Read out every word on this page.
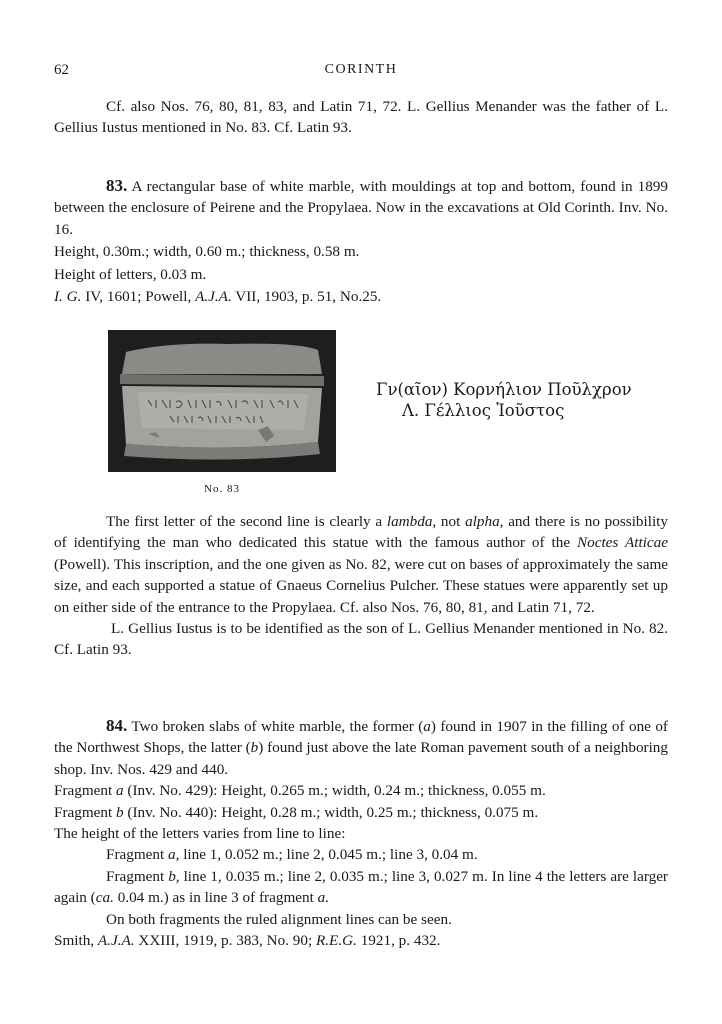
62	CORINTH

Cf. also Nos. 76, 80, 81, 83, and Latin 71, 72. L. Gellius Menander was the father of L. Gellius Iustus mentioned in No. 83. Cf. Latin 93.

83. A rectangular base of white marble, with mouldings at top and bottom, found in 1899 between the enclosure of Peirene and the Propylaea. Now in the excavations at Old Corinth. Inv. No. 16.

Height, 0.30m.; width, 0.60 m.; thickness, 0.58 m.

Height of letters, 0.03 m.

I. G. IV, 1601; Powell, A.J.A. VII, 1903, p. 51, No.25.

No. 83
Γν(αῖον) Κορνήλιον Ποῦλχρον
Λ. Γέλλιος Ἰοῦστος

The first letter of the second line is clearly a lambda, not alpha, and there is no possibility of identifying the man who dedicated this statue with the famous author of the Noctes Atticae (Powell). This inscription, and the one given as No. 82, were cut on bases of approximately the same size, and each supported a statue of Gnaeus Cornelius Pulcher. These statues were apparently set up on either side of the entrance to the Propylaea. Cf. also Nos. 76, 80, 81, and Latin 71, 72.

L. Gellius Iustus is to be identified as the son of L. Gellius Menander mentioned in No. 82. Cf. Latin 93.

84. Two broken slabs of white marble, the former (a) found in 1907 in the filling of one of the Northwest Shops, the latter (b) found just above the late Roman pavement south of a neighboring shop. Inv. Nos. 429 and 440.

Fragment a (Inv. No. 429): Height, 0.265 m.; width, 0.24 m.; thickness, 0.055 m.

Fragment b (Inv. No. 440): Height, 0.28 m.; width, 0.25 m.; thickness, 0.075 m.

The height of the letters varies from line to line:

Fragment a, line 1, 0.052 m.; line 2, 0.045 m.; line 3, 0.04 m.

Fragment b, line 1, 0.035 m.; line 2, 0.035 m.; line 3, 0.027 m. In line 4 the letters are larger again (ca. 0.04 m.) as in line 3 of fragment a.

On both fragments the ruled alignment lines can be seen.

Smith, A.J.A. XXIII, 1919, p. 383, No. 90; R.E.G. 1921, p. 432.
